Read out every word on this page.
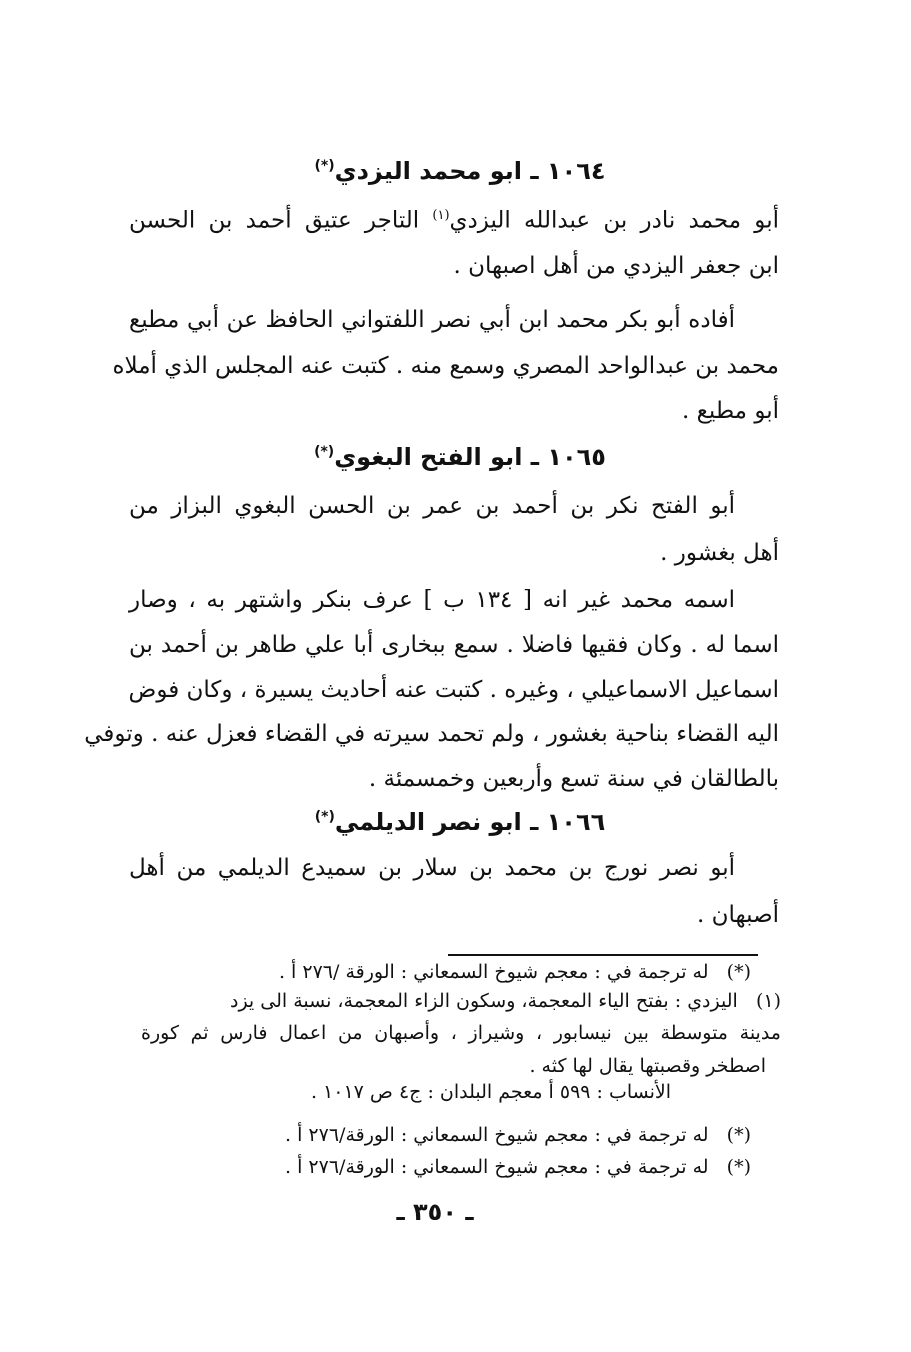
١٠٦٤ ـ ابو محمد اليزدي(*)
أبو محمد نادر بن عبدالله اليزدي$^{(١)}$ التاجر عتيق أحمد بن الحسن
ابن جعفر اليزدي من أهل اصبهان .
أفاده أبو بكر محمد ابن أبي نصر اللفتواني الحافظ عن أبي مطيع
محمد بن عبدالواحد المصري وسمع منه . كتبت عنه المجلس الذي أملاه
أبو مطيع .
١٠٦٥ ـ ابو الفتح البغوي(*)
أبو الفتح نكر بن أحمد بن عمر بن الحسن البغوي البزاز من
أهل بغشور .
اسمه محمد غير انه [ ١٣٤ ب ] عرف بنكر واشتهر به ، وصار
اسما له . وكان فقيها فاضلا . سمع ببخارى أبا علي طاهر بن أحمد بن
اسماعيل الاسماعيلي ، وغيره . كتبت عنه أحاديث يسيرة ، وكان فوض
اليه القضاء بناحية بغشور ، ولم تحمد سيرته في القضاء فعزل عنه . وتوفي
بالطالقان في سنة تسع وأربعين وخمسمئة .
١٠٦٦ ـ ابو نصر الديلمي(*)
أبو نصر نورج بن محمد بن سلار بن سميدع الديلمي من أهل
أصبهان .
(*)   له ترجمة في : معجم شيوخ السمعاني : الورقة /٢٧٦ أ .
(١)   اليزدي : بفتح الياء المعجمة، وسكون الزاء المعجمة، نسبة الى يزد
مدينة متوسطة بين نيسابور ، وشيراز ، وأصبهان من اعمال فارس ثم كورة
اصطخر وقصبتها يقال لها كثه .
الأنساب : ٥٩٩ أ معجم البلدان : ج٤ ص ١٠١٧ .
(*)   له ترجمة في : معجم شيوخ السمعاني : الورقة/٢٧٦ أ .
(*)   له ترجمة في : معجم شيوخ السمعاني : الورقة/٢٧٦ أ .
ـ ٣٥٠ ـ
